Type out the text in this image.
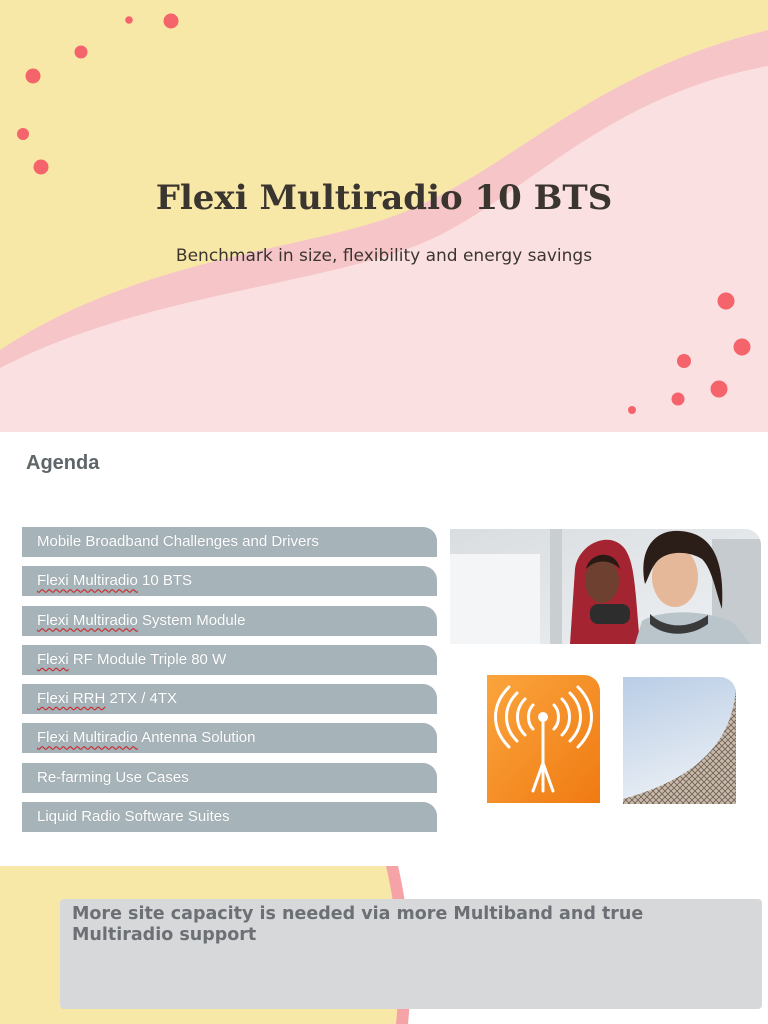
Flexi Multiradio 10 BTS
Benchmark in size, flexibility and energy savings
Agenda
Mobile Broadband Challenges and Drivers
Flexi Multiradio 10 BTS
Flexi Multiradio System Module
Flexi RF Module Triple 80 W
Flexi RRH 2TX / 4TX
Flexi Multiradio Antenna Solution
Re-farming Use Cases
Liquid Radio Software Suites
More site capacity is needed via more Multiband and true Multiradio support
